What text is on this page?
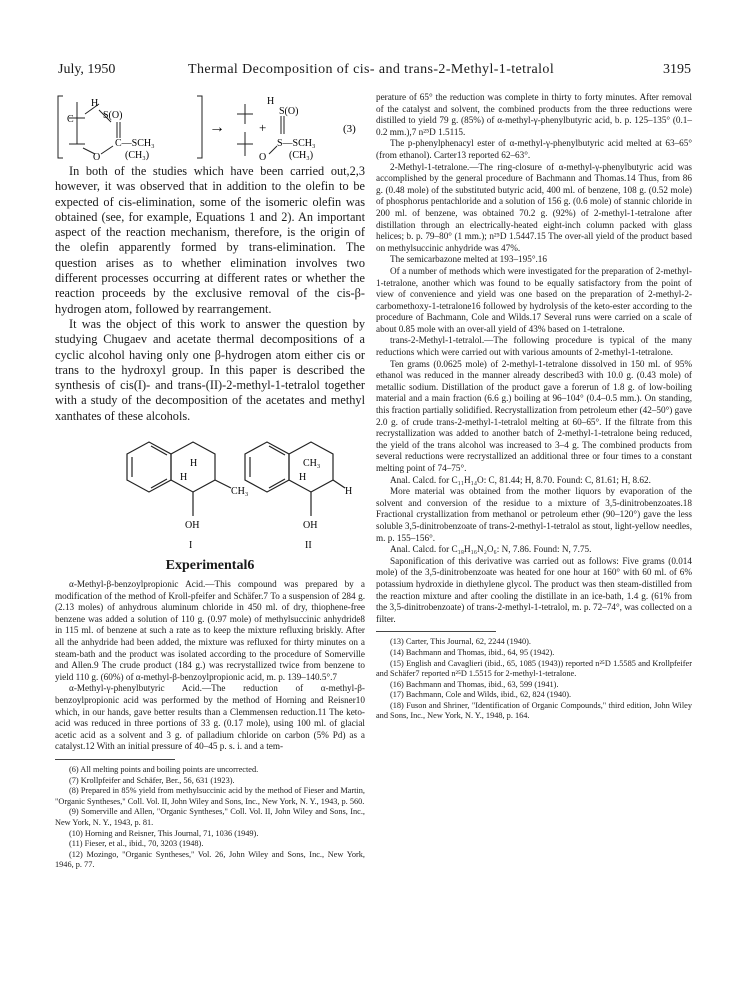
July, 1950	Thermal Decomposition of cis- and trans-2-Methyl-1-tetralol	3195
H
S(O)
C
C—SCH₃
O (CH₃)
→	+
H
S(O)
S—SCH₃
O (CH₃)
(3)

In both of the studies which have been carried out,2,3 however, it was observed that in addition to the olefin to be expected of cis-elimination, some of the isomeric olefin was obtained (see, for example, Equations 1 and 2). An important aspect of the reaction mechanism, therefore, is the origin of the olefin apparently formed by trans-elimination. The question arises as to whether elimination involves two different processes occurring at different rates or whether the reaction proceeds by the exclusive removal of the cis-β-hydrogen atom, followed by rearrangement.

It was the object of this work to answer the question by studying Chugaev and acetate thermal decompositions of a cyclic alcohol having only one β-hydrogen atom either cis or trans to the hydroxyl group. In this paper is described the synthesis of cis(I)- and trans-(II)-2-methyl-1-tetralol together with a study of the decomposition of the acetates and methyl xanthates of these alcohols.

H
H
CH₃
OH
I
CH₃
H
H
OH
II
Experimental6

α-Methyl-β-benzoylpropionic Acid.—This compound was prepared by a modification of the method of Kroll-pfeifer and Schäfer.7 To a suspension of 284 g. (2.13 moles) of anhydrous aluminum chloride in 450 ml. of dry, thiophene-free benzene was added a solution of 110 g. (0.97 mole) of methylsuccinic anhydride8 in 115 ml. of benzene at such a rate as to keep the mixture refluxing briskly. After all the anhydride had been added, the mixture was refluxed for thirty minutes on a steam-bath and the product was isolated according to the procedure of Somerville and Allen.9 The crude product (184 g.) was recrystallized twice from benzene to yield 110 g. (60%) of α-methyl-β-benzoylpropionic acid, m. p. 139–140.5°.7

α-Methyl-γ-phenylbutyric Acid.—The reduction of α-methyl-β-benzoylpropionic acid was performed by the method of Horning and Reisner10 which, in our hands, gave better results than a Clemmensen reduction.11 The keto-acid was reduced in three portions of 33 g. (0.17 mole), using 100 ml. of glacial acetic acid as a solvent and 3 g. of palladium chloride on carbon (5% Pd) as a catalyst.12 With an initial pressure of 40–45 p. s. i. and a tem-

(6) All melting points and boiling points are uncorrected.

(7) Krollpfeifer and Schäfer, Ber., 56, 631 (1923).

(8) Prepared in 85% yield from methylsuccinic acid by the method of Fieser and Martin, "Organic Syntheses," Coll. Vol. II, John Wiley and Sons, Inc., New York, N. Y., 1943, p. 560.

(9) Somerville and Allen, "Organic Syntheses," Coll. Vol. II, John Wiley and Sons, Inc., New York, N. Y., 1943, p. 81.

(10) Horning and Reisner, This Journal, 71, 1036 (1949).

(11) Fieser, et al., ibid., 70, 3203 (1948).

(12) Mozingo, "Organic Syntheses," Vol. 26, John Wiley and Sons, Inc., New York, 1946, p. 77.

perature of 65° the reduction was complete in thirty to forty minutes. After removal of the catalyst and solvent, the combined products from the three reductions were distilled to yield 79 g. (85%) of α-methyl-γ-phenylbutyric acid, b. p. 125–135° (0.1–0.2 mm.),7 n²⁵D 1.5115.

The p-phenylphenacyl ester of α-methyl-γ-phenylbutyric acid melted at 63–65° (from ethanol). Carter13 reported 62–63°.

2-Methyl-1-tetralone.—The ring-closure of α-methyl-γ-phenylbutyric acid was accomplished by the general procedure of Bachmann and Thomas.14 Thus, from 86 g. (0.48 mole) of the substituted butyric acid, 400 ml. of benzene, 108 g. (0.52 mole) of phosphorus pentachloride and a solution of 156 g. (0.6 mole) of stannic chloride in 200 ml. of benzene, was obtained 70.2 g. (92%) of 2-methyl-1-tetralone after distillation through an electrically-heated eight-inch column packed with glass helices; b. p. 79–80° (1 mm.); n²⁵D 1.5447.15 The over-all yield of the product based on methylsuccinic anhydride was 47%.

The semicarbazone melted at 193–195°.16

Of a number of methods which were investigated for the preparation of 2-methyl-1-tetralone, another which was found to be equally satisfactory from the point of view of convenience and yield was one based on the preparation of 2-methyl-2-carbomethoxy-1-tetralone16 followed by hydrolysis of the keto-ester according to the procedure of Bachmann, Cole and Wilds.17 Several runs were carried on a scale of about 0.85 mole with an over-all yield of 43% based on 1-tetralone.

trans-2-Methyl-1-tetralol.—The following procedure is typical of the many reductions which were carried out with various amounts of 2-methyl-1-tetralone.

Ten grams (0.0625 mole) of 2-methyl-1-tetralone dissolved in 150 ml. of 95% ethanol was reduced in the manner already described3 with 10.0 g. (0.43 mole) of metallic sodium. Distillation of the product gave a forerun of 1.8 g. of low-boiling material and a main fraction (6.6 g.) boiling at 96–104° (0.4–0.5 mm.). On standing, this fraction partially solidified. Recrystallization from petroleum ether (42–50°) gave 2.0 g. of crude trans-2-methyl-1-tetralol melting at 60–65°. If the filtrate from this recrystallization was added to another batch of 2-methyl-1-tetralone being reduced, the yield of the trans alcohol was increased to 3–4 g. The combined products from several reductions were recrystallized an additional three or four times to a constant melting point of 74–75°.

Anal. Calcd. for C₁₁H₁₄O: C, 81.44; H, 8.70. Found: C, 81.61; H, 8.62.

More material was obtained from the mother liquors by evaporation of the solvent and conversion of the residue to a mixture of 3,5-dinitrobenzoates.18 Fractional crystallization from methanol or petroleum ether (90–120°) gave the less soluble 3,5-dinitrobenzoate of trans-2-methyl-1-tetralol as stout, light-yellow needles, m. p. 155–156°.

Anal. Calcd. for C₁₈H₁₆N₂O₆: N, 7.86. Found: N, 7.75.

Saponification of this derivative was carried out as follows: Five grams (0.014 mole) of the 3,5-dinitrobenzoate was heated for one hour at 160° with 60 ml. of 6% potassium hydroxide in diethylene glycol. The product was then steam-distilled from the reaction mixture and after cooling the distillate in an ice-bath, 1.4 g. (61% from the 3,5-dinitrobenzoate) of trans-2-methyl-1-tetralol, m. p. 72–74°, was collected on a filter.

(13) Carter, This Journal, 62, 2244 (1940).

(14) Bachmann and Thomas, ibid., 64, 95 (1942).

(15) English and Cavaglieri (ibid., 65, 1085 (1943)) reported n²⁵D 1.5585 and Krollpfeifer and Schäfer7 reported n²⁵D 1.5515 for 2-methyl-1-tetralone.

(16) Bachmann and Thomas, ibid., 63, 599 (1941).

(17) Bachmann, Cole and Wilds, ibid., 62, 824 (1940).

(18) Fuson and Shriner, "Identification of Organic Compounds," third edition, John Wiley and Sons, Inc., New York, N. Y., 1948, p. 164.
